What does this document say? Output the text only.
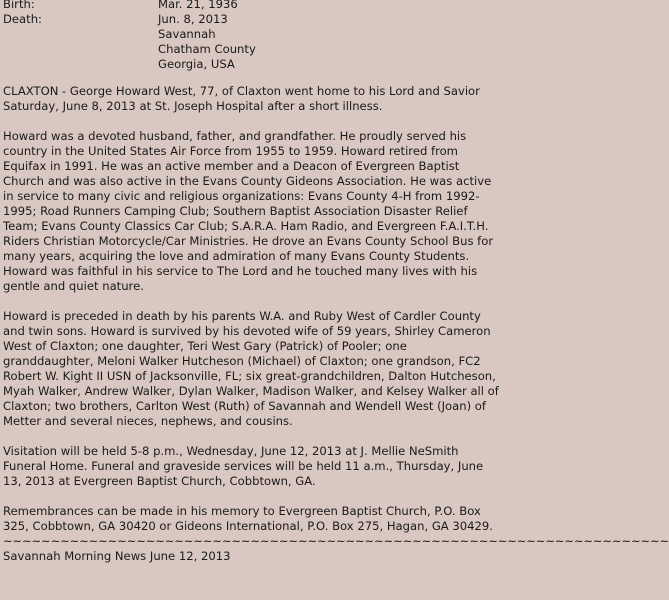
Birth:
Death:
Mar. 21, 1936
Jun. 8, 2013
Savannah
Chatham County
Georgia, USA

CLAXTON - George Howard West, 77, of Claxton went home to his Lord and Savior Saturday, June 8, 2013 at St. Joseph Hospital after a short illness.

Howard was a devoted husband, father, and grandfather. He proudly served his country in the United States Air Force from 1955 to 1959. Howard retired from Equifax in 1991. He was an active member and a Deacon of Evergreen Baptist Church and was also active in the Evans County Gideons Association. He was active in service to many civic and religious organizations: Evans County 4-H from 1992-1995; Road Runners Camping Club; Southern Baptist Association Disaster Relief Team; Evans County Classics Car Club; S.A.R.A. Ham Radio, and Evergreen F.A.I.T.H. Riders Christian Motorcycle/Car Ministries. He drove an Evans County School Bus for many years, acquiring the love and admiration of many Evans County Students. Howard was faithful in his service to The Lord and he touched many lives with his gentle and quiet nature.

Howard is preceded in death by his parents W.A. and Ruby West of Cardler County and twin sons. Howard is survived by his devoted wife of 59 years, Shirley Cameron West of Claxton; one daughter, Teri West Gary (Patrick) of Pooler; one granddaughter, Meloni Walker Hutcheson (Michael) of Claxton; one grandson, FC2 Robert W. Kight II USN of Jacksonville, FL; six great-grandchildren, Dalton Hutcheson, Myah Walker, Andrew Walker, Dylan Walker, Madison Walker, and Kelsey Walker all of Claxton; two brothers, Carlton West (Ruth) of Savannah and Wendell West (Joan) of Metter and several nieces, nephews, and cousins.

Visitation will be held 5-8 p.m., Wednesday, June 12, 2013 at J. Mellie NeSmith Funeral Home. Funeral and graveside services will be held 11 a.m., Thursday, June 13, 2013 at Evergreen Baptist Church, Cobbtown, GA.

Remembrances can be made in his memory to Evergreen Baptist Church, P.O. Box 325, Cobbtown, GA 30420 or Gideons International, P.O. Box 275, Hagan, GA 30429.

~~~~~~~~~~~~~~~~~~~~~~~~~~~~~~~~~~~~~~~~~~~~~~~~~~~~~~~~~~~~~~~~~~~~~~
Savannah Morning News June 12, 2013
